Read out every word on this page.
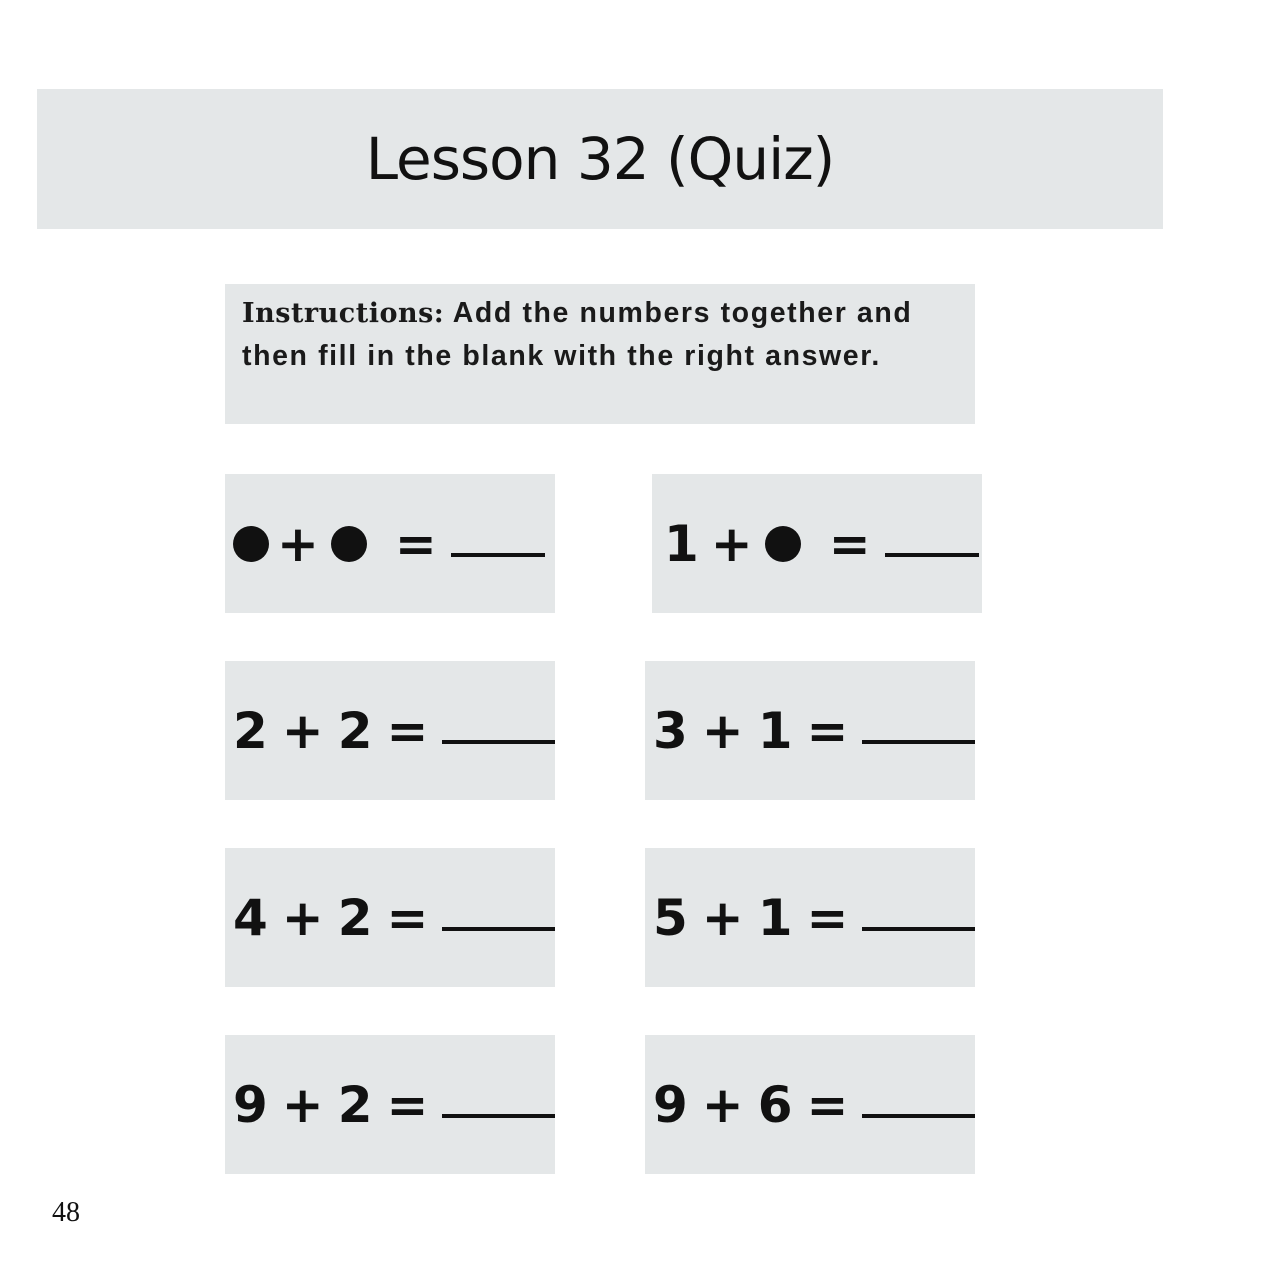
Lesson 32 (Quiz)
Instructions: Add the numbers together and then fill in the blank with the right answer.
+ =	1 + =
2 + 2 =	3 + 1 =
4 + 2 =	5 + 1 =
9 + 2 =	9 + 6 =
48
